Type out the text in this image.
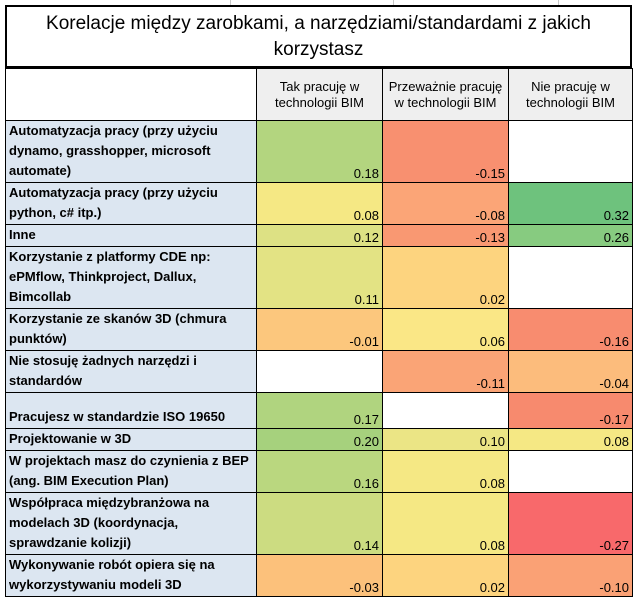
Korelacje między zarobkami, a narzędziami/standardami z jakich korzystasz
	Tak pracuję w technologii BIM	Przeważnie pracuję w technologii BIM	Nie pracuję w technologii BIM
Automatyzacja pracy (przy użyciu dynamo, grasshopper, microsoft automate)	0.18	-0.15	
Automatyzacja pracy (przy użyciu python, c# itp.)	0.08	-0.08	0.32
Inne	0.12	-0.13	0.26
Korzystanie z platformy CDE np: ePMflow, Thinkproject, Dallux, Bimcollab	0.11	0.02	
Korzystanie ze skanów 3D (chmura punktów)	-0.01	0.06	-0.16
Nie stosuję żadnych narzędzi i standardów		-0.11	-0.04
Pracujesz w standardzie ISO 19650	0.17		-0.17
Projektowanie w 3D	0.20	0.10	0.08
W projektach masz do czynienia z BEP (ang. BIM Execution Plan)	0.16	0.08	
Współpraca międzybranżowa na modelach 3D (koordynacja, sprawdzanie kolizji)	0.14	0.08	-0.27
Wykonywanie robót opiera się na wykorzystywaniu modeli 3D	-0.03	0.02	-0.10
